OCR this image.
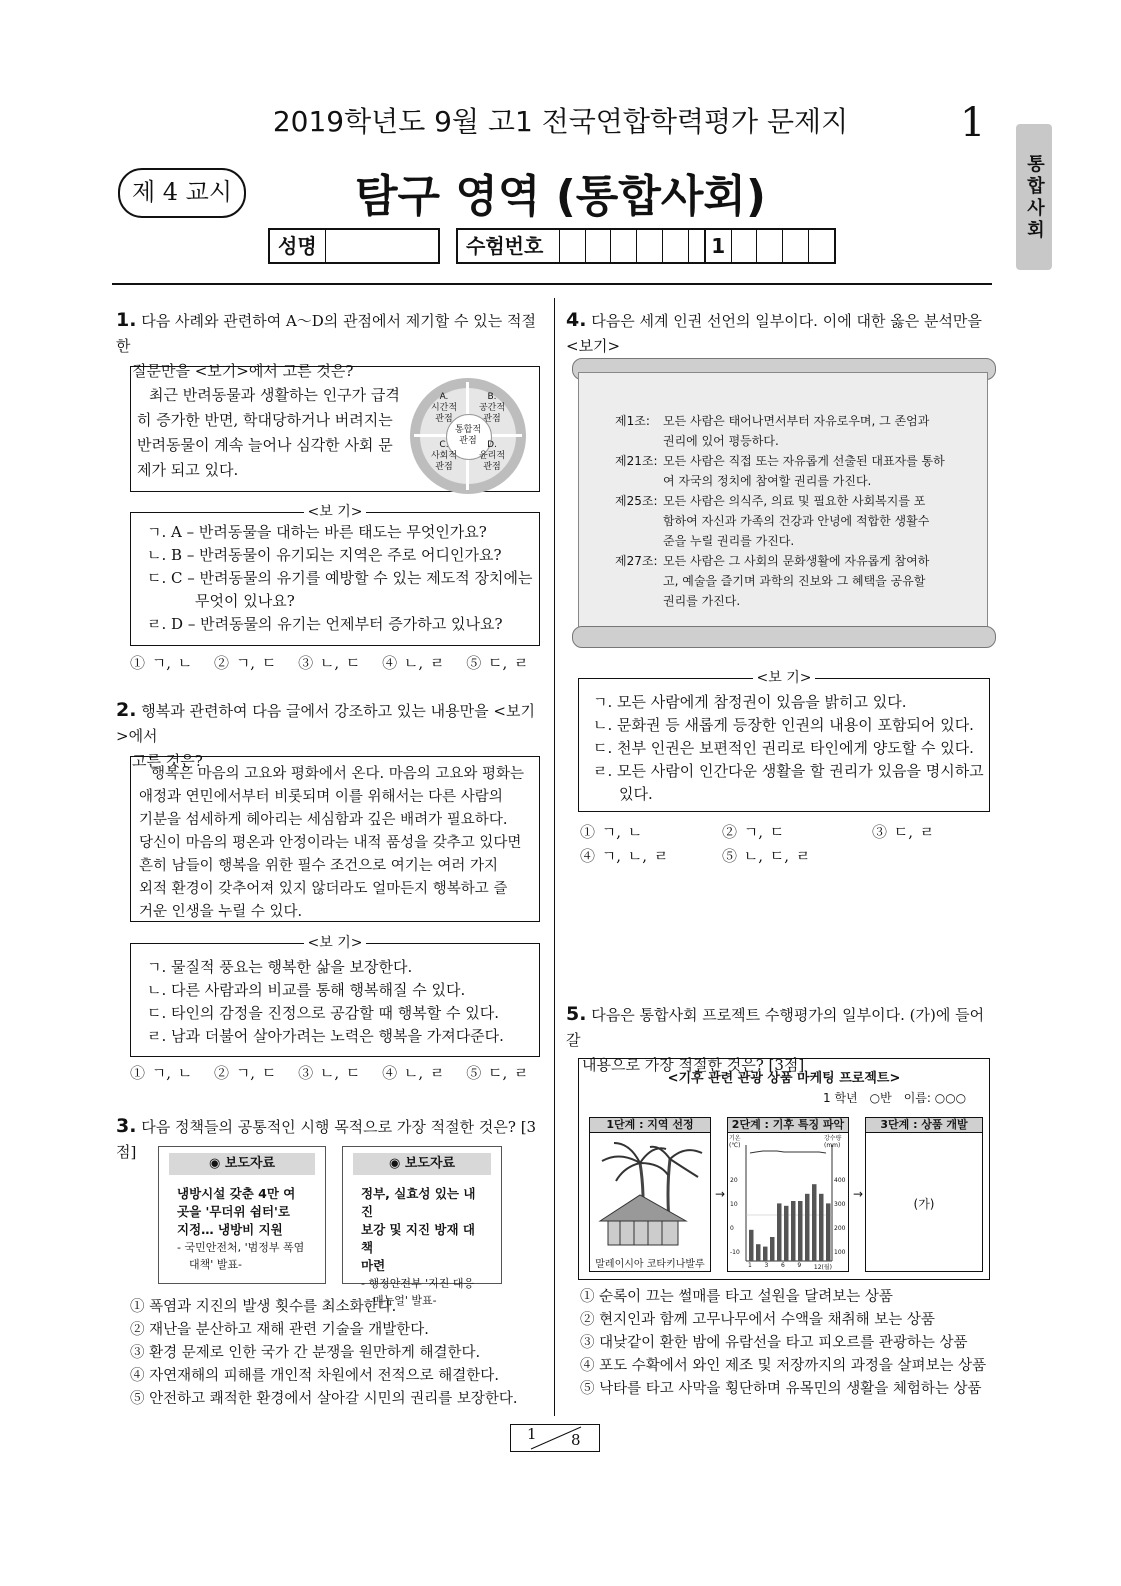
2019학년도 9월 고1 전국연합학력평가 문제지	1
통합사회
제 4 교시	탐구 영역 (통합사회)
성명	수험번호	1
1. 다음 사례와 관련하여 A～D의 관점에서 제기할 수 있는 적절한
질문만을 <보기>에서 고른 것은?
최근 반려동물과 생활하는 인구가 급격
히 증가한 반면, 학대당하거나 버려지는
반려동물이 계속 늘어나 심각한 사회 문
제가 되고 있다.
A.
시간적
관점
B.
공간적
관점
C.
사회적
관점
D.
윤리적
관점
통합적
관점
<보 기>
ㄱ. A – 반려동물을 대하는 바른 태도는 무엇인가요?
ㄴ. B – 반려동물이 유기되는 지역은 주로 어디인가요?
ㄷ. C – 반려동물의 유기를 예방할 수 있는 제도적 장치에는
무엇이 있나요?
ㄹ. D – 반려동물의 유기는 언제부터 증가하고 있나요?
① ㄱ, ㄴ　 ② ㄱ, ㄷ　 ③ ㄴ, ㄷ　 ④ ㄴ, ㄹ　 ⑤ ㄷ, ㄹ
2. 행복과 관련하여 다음 글에서 강조하고 있는 내용만을 <보기>에서
고른 것은?
행복은 마음의 고요와 평화에서 온다. 마음의 고요와 평화는
애정과 연민에서부터 비롯되며 이를 위해서는 다른 사람의
기분을 섬세하게 헤아리는 세심함과 깊은 배려가 필요하다.
당신이 마음의 평온과 안정이라는 내적 품성을 갖추고 있다면
흔히 남들이 행복을 위한 필수 조건으로 여기는 여러 가지
외적 환경이 갖추어져 있지 않더라도 얼마든지 행복하고 즐
거운 인생을 누릴 수 있다.
<보 기>
ㄱ. 물질적 풍요는 행복한 삶을 보장한다.
ㄴ. 다른 사람과의 비교를 통해 행복해질 수 있다.
ㄷ. 타인의 감정을 진정으로 공감할 때 행복할 수 있다.
ㄹ. 남과 더불어 살아가려는 노력은 행복을 가져다준다.
① ㄱ, ㄴ　 ② ㄱ, ㄷ　 ③ ㄴ, ㄷ　 ④ ㄴ, ㄹ　 ⑤ ㄷ, ㄹ
3. 다음 정책들의 공통적인 시행 목적으로 가장 적절한 것은? [3점]
◉ 보도자료
냉방시설 갖춘 4만 여
곳을 '무더위 쉼터'로
지정… 냉방비 지원
- 국민안전처, '범정부 폭염
대책' 발표-
◉ 보도자료
정부, 실효성 있는 내진
보강 및 지진 방재 대책
마련
- 행정안전부 '지진 대응
매뉴얼' 발표-
① 폭염과 지진의 발생 횟수를 최소화한다.
② 재난을 분산하고 재해 관련 기술을 개발한다.
③ 환경 문제로 인한 국가 간 분쟁을 원만하게 해결한다.
④ 자연재해의 피해를 개인적 차원에서 전적으로 해결한다.
⑤ 안전하고 쾌적한 환경에서 살아갈 시민의 권리를 보장한다.
4. 다음은 세계 인권 선언의 일부이다. 이에 대한 옳은 분석만을 <보기>

제1조:	모든 사람은 태어나면서부터 자유로우며, 그 존엄과
권리에 있어 평등하다.
제21조: 모든 사람은 직접 또는 자유롭게 선출된 대표자를 통하
여 자국의 정치에 참여할 권리를 가진다.
제25조: 모든 사람은 의식주, 의료 및 필요한 사회복지를 포
함하여 자신과 가족의 건강과 안녕에 적합한 생활수
준을 누릴 권리를 가진다.
제27조: 모든 사람은 그 사회의 문화생활에 자유롭게 참여하
고, 예술을 즐기며 과학의 진보와 그 혜택을 공유할
권리를 가진다.
<보 기>
ㄱ. 모든 사람에게 참정권이 있음을 밝히고 있다.
ㄴ. 문화권 등 새롭게 등장한 인권의 내용이 포함되어 있다.
ㄷ. 천부 인권은 보편적인 권리로 타인에게 양도할 수 있다.
ㄹ. 모든 사람이 인간다운 생활을 할 권리가 있음을 명시하고
있다.
① ㄱ, ㄴ	② ㄱ, ㄷ	③ ㄷ, ㄹ
④ ㄱ, ㄴ, ㄹ	⑤ ㄴ, ㄷ, ㄹ
5. 다음은 통합사회 프로젝트 수행평가의 일부이다. (가)에 들어갈
내용으로 가장 적절한 것은? [3점]
<기후 관련 관광 상품 마케팅 프로젝트>
1 학년　○반　이름: ○○○
1단계 : 지역 선정
말레이시아 코타키나발루
→
2단계 : 기후 특징 파악
기온
(℃)
강수량
(mm)
20
10
0
-10
400
300
200
100
1 3 6 9 12(월)
→
3단계 : 상품 개발
(가)
① 순록이 끄는 썰매를 타고 설원을 달려보는 상품
② 현지인과 함께 고무나무에서 수액을 채취해 보는 상품
③ 대낮같이 환한 밤에 유람선을 타고 피오르를 관광하는 상품
④ 포도 수확에서 와인 제조 및 저장까지의 과정을 살펴보는 상품
⑤ 낙타를 타고 사막을 횡단하며 유목민의 생활을 체험하는 상품
1 8
